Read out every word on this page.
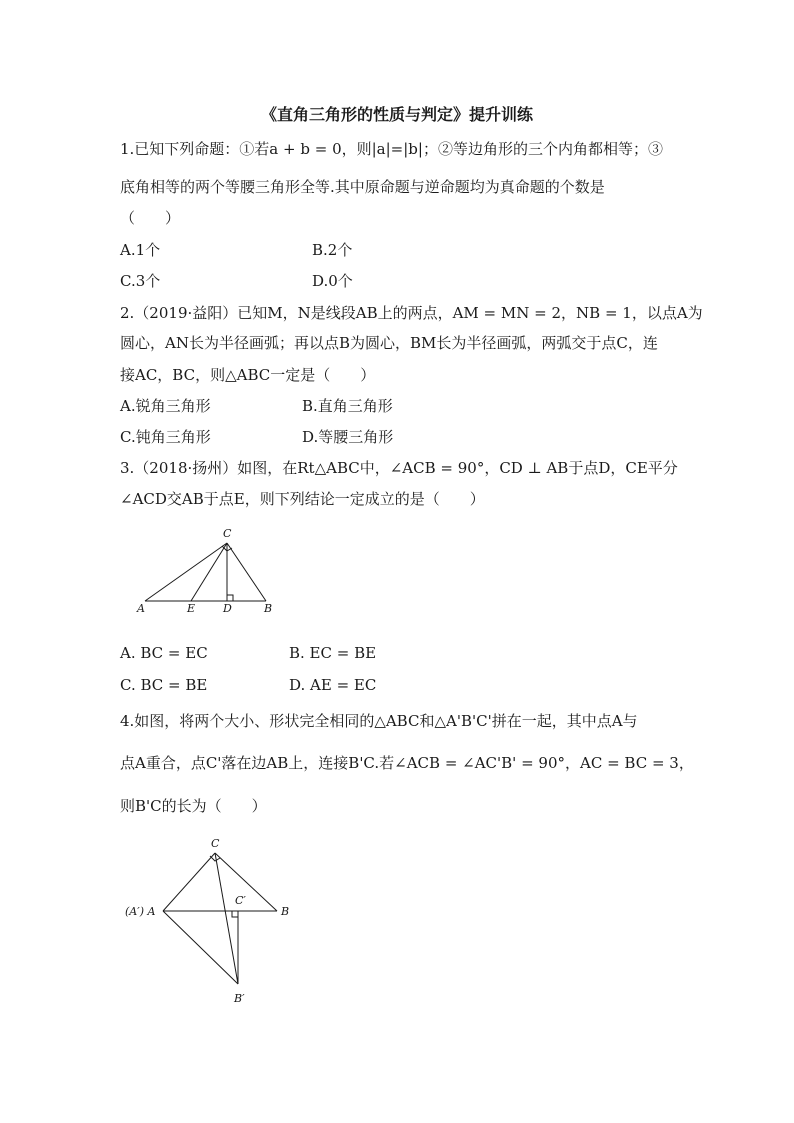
《直角三角形的性质与判定》提升训练
1.已知下列命题：①若a + b = 0，则|a|=|b|；②等边角形的三个内角都相等；③
底角相等的两个等腰三角形全等.其中原命题与逆命题均为真命题的个数是
（　　）
A.1个	B.2个
C.3个	D.0个
2.（2019·益阳）已知M，N是线段AB上的两点，AM = MN = 2，NB = 1，以点A为
圆心，AN长为半径画弧；再以点B为圆心，BM长为半径画弧，两弧交于点C，连
接AC，BC，则△ABC一定是（　　）
A.锐角三角形	B.直角三角形
C.钝角三角形	D.等腰三角形
3.（2018·扬州）如图，在Rt△ABC中，∠ACB = 90°，CD ⊥ AB于点D，CE平分
∠ACD交AB于点E，则下列结论一定成立的是（　　）
C
A	E	D	B
A. BC = EC	B. EC = BE
C. BC = BE	D. AE = EC
4.如图，将两个大小、形状完全相同的△ABC和△A'B'C'拼在一起，其中点A与
点A重合，点C'落在边AB上，连接B'C.若∠ACB = ∠AC'B' = 90°，AC = BC = 3，
则B'C的长为（　　）
C
(A′) A
C′
B
B′
